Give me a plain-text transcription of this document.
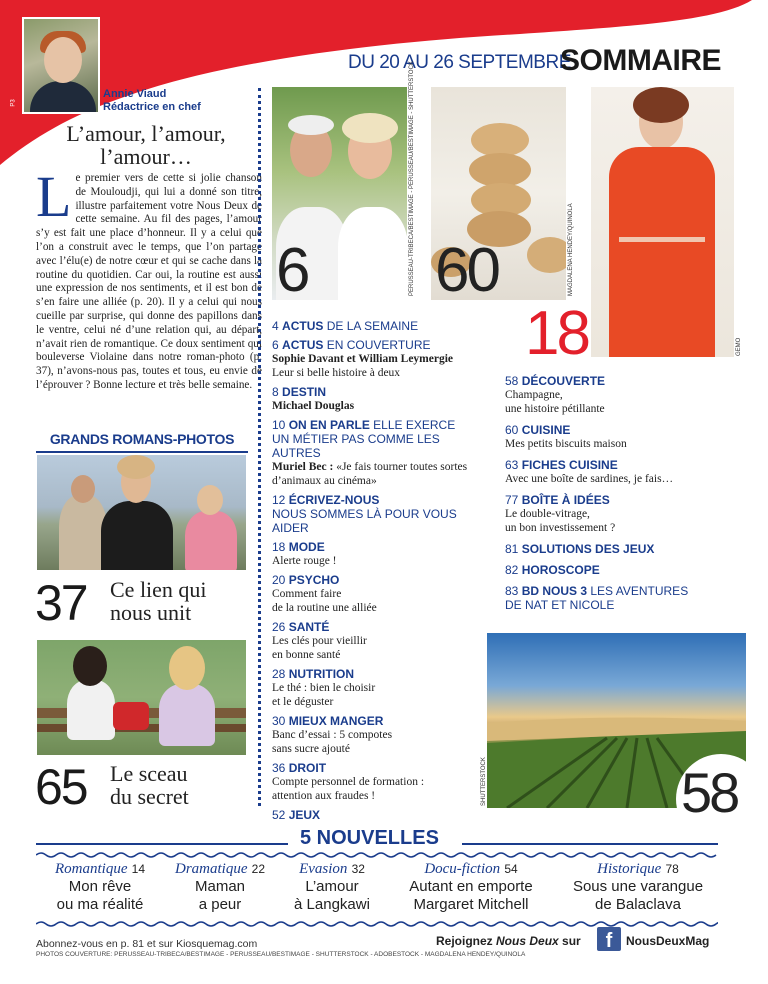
P3
Annie Viaud
Rédactrice en chef
DU 20 AU 26 SEPTEMBRE
SOMMAIRE
L’amour, l’amour,
l’amour…
Le premier vers de cette si jolie chanson de Mouloudji, qui lui a donné son titre, illustre parfaitement votre Nous Deux de cette semaine. Au fil des pages, l’amour s’y est fait une place d’honneur. Il y a celui que l’on a construit avec le temps, que l’on partage avec l’élu(e) de notre cœur et qui se cache dans la routine du quotidien. Car oui, la routine est aussi une expression de nos sentiments, et il est bon de s’en faire une alliée (p. 20). Il y a celui qui nous cueille par surprise, qui donne des papillons dans le ventre, celui né d’une relation qui, au départ, n’avait rien de romantique. Ce doux sentiment qui bouleverse Violaine dans notre roman-photo (p. 37), n’avons-nous pas, toutes et tous, eu envie de l’éprouver ? Bonne lecture et très belle semaine.
GRANDS ROMANS-PHOTOS
37 Ce lien qui
nous unit
65 Le sceau
du secret
6	PERUSSEAU-TRIBECA/BESTIMAGE - PERUSSEAU/BESTIMAGE - SHUTTERSTOCK 60	MAGDALENA HENDEY/QUINOLA
GEMO
18
4 ACTUS DE LA SEMAINE
6 ACTUS EN COUVERTURE
Sophie Davant et William Leymergie
Leur si belle histoire à deux
8 DESTIN
Michael Douglas
10 ON EN PARLE ELLE EXERCE
UN MÉTIER PAS COMME LES AUTRES
Muriel Bec : «Je fais tourner toutes sortes d’animaux au cinéma»
12 ÉCRIVEZ-NOUS
NOUS SOMMES LÀ POUR VOUS AIDER
18 MODE
Alerte rouge !
20 PSYCHO
Comment faire
de la routine une alliée
26 SANTÉ
Les clés pour vieillir
en bonne santé
28 NUTRITION
Le thé : bien le choisir
et le déguster
30 MIEUX MANGER
Banc d’essai : 5 compotes
sans sucre ajouté
36 DROIT
Compte personnel de formation :
attention aux fraudes !
52 JEUX
58 DÉCOUVERTE
Champagne,
une histoire pétillante
60 CUISINE
Mes petits biscuits maison
63 FICHES CUISINE
Avec une boîte de sardines, je fais…
77 BOÎTE À IDÉES
Le double-vitrage,
un bon investissement ?
81 SOLUTIONS DES JEUX
82 HOROSCOPE
83 BD NOUS 3 LES AVENTURES
DE NAT ET NICOLE
SHUTTERSTOCK	58
5 NOUVELLES
Romantique 14
Mon rêve
ou ma réalité
Dramatique 22
Maman
a peur
Evasion 32
L’amour
à Langkawi
Docu-fiction 54
Autant en emporte
Margaret Mitchell
Historique 78
Sous une varangue
de Balaclava
Abonnez-vous en p. 81 et sur Kiosquemag.com
PHOTOS COUVERTURE: PERUSSEAU-TRIBECA/BESTIMAGE - PERUSSEAU/BESTIMAGE - SHUTTERSTOCK - ADOBESTOCK - MAGDALENA HENDEY/QUINOLA
Rejoignez Nous Deux sur	f	NousDeuxMag
